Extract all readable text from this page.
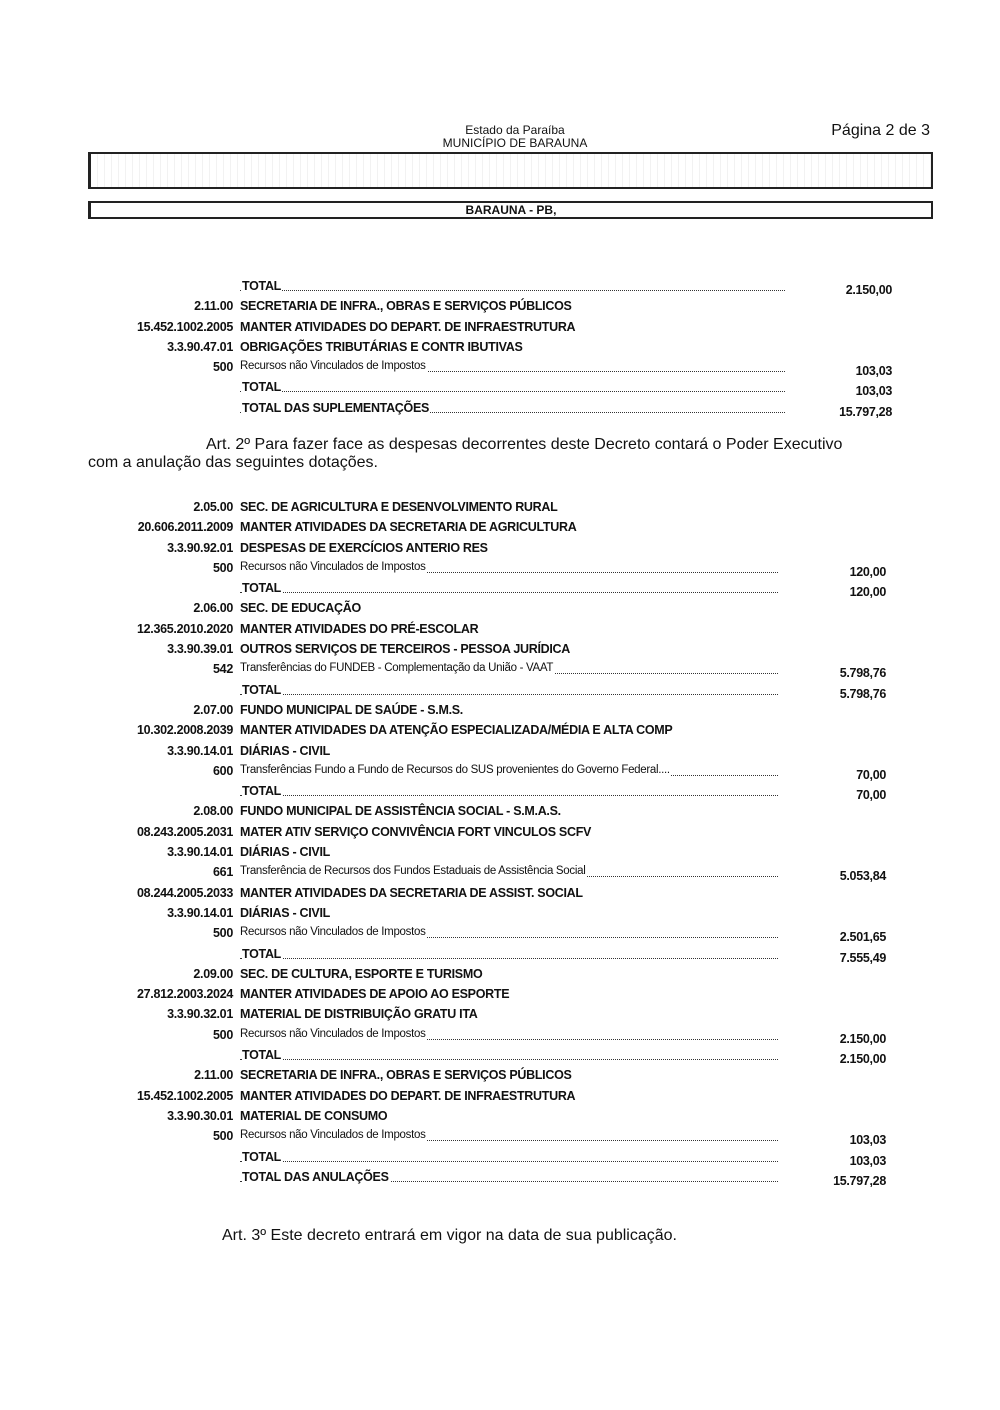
Estado da Paraíba
MUNICÍPIO DE BARAUNA
Página 2 de 3
BARAUNA - PB,
TOTAL	2.150,00
2.11.00 SECRETARIA DE INFRA., OBRAS E SERVIÇOS PÚBLICOS
15.452.1002.2005 MANTER ATIVIDADES DO DEPART. DE INFRAESTRUTURA
3.3.90.47.01 OBRIGAÇÕES TRIBUTÁRIAS E CONTR IBUTIVAS
500 Recursos não Vinculados de Impostos	103,03
TOTAL	103,03
TOTAL DAS SUPLEMENTAÇÕES	15.797,28
Art. 2º Para fazer face as despesas decorrentes deste Decreto contará o Poder Executivo
com a anulação das seguintes dotações.
2.05.00 SEC. DE AGRICULTURA E DESENVOLVIMENTO RURAL
20.606.2011.2009 MANTER ATIVIDADES DA SECRETARIA DE AGRICULTURA
3.3.90.92.01 DESPESAS DE EXERCÍCIOS ANTERIO RES
500 Recursos não Vinculados de Impostos	120,00
TOTAL	120,00
2.06.00 SEC. DE EDUCAÇÃO
12.365.2010.2020 MANTER ATIVIDADES DO PRÉ-ESCOLAR
3.3.90.39.01 OUTROS SERVIÇOS DE TERCEIROS - PESSOA JURÍDICA
542 Transferências do FUNDEB - Complementação da União - VAAT	5.798,76
TOTAL	5.798,76
2.07.00 FUNDO MUNICIPAL DE SAÚDE - S.M.S.
10.302.2008.2039 MANTER ATIVIDADES DA ATENÇÃO ESPECIALIZADA/MÉDIA E ALTA COMP
3.3.90.14.01 DIÁRIAS - CIVIL
600 Transferências Fundo a Fundo de Recursos do SUS provenientes do Governo Federal....	70,00
TOTAL	70,00
2.08.00 FUNDO MUNICIPAL DE ASSISTÊNCIA SOCIAL - S.M.A.S.
08.243.2005.2031 MATER ATIV SERVIÇO CONVIVÊNCIA FORT VINCULOS SCFV
3.3.90.14.01 DIÁRIAS - CIVIL
661 Transferência de Recursos dos Fundos Estaduais de Assistência Social	5.053,84
08.244.2005.2033 MANTER ATIVIDADES DA SECRETARIA DE ASSIST. SOCIAL
3.3.90.14.01 DIÁRIAS - CIVIL
500 Recursos não Vinculados de Impostos	2.501,65
TOTAL	7.555,49
2.09.00 SEC. DE CULTURA, ESPORTE E TURISMO
27.812.2003.2024 MANTER ATIVIDADES DE APOIO AO ESPORTE
3.3.90.32.01 MATERIAL DE DISTRIBUIÇÃO GRATU ITA
500 Recursos não Vinculados de Impostos	2.150,00
TOTAL	2.150,00
2.11.00 SECRETARIA DE INFRA., OBRAS E SERVIÇOS PÚBLICOS
15.452.1002.2005 MANTER ATIVIDADES DO DEPART. DE INFRAESTRUTURA
3.3.90.30.01 MATERIAL DE CONSUMO
500 Recursos não Vinculados de Impostos	103,03
TOTAL	103,03
TOTAL DAS ANULAÇÕES	15.797,28
Art. 3º Este decreto entrará em vigor na data de sua publicação.
